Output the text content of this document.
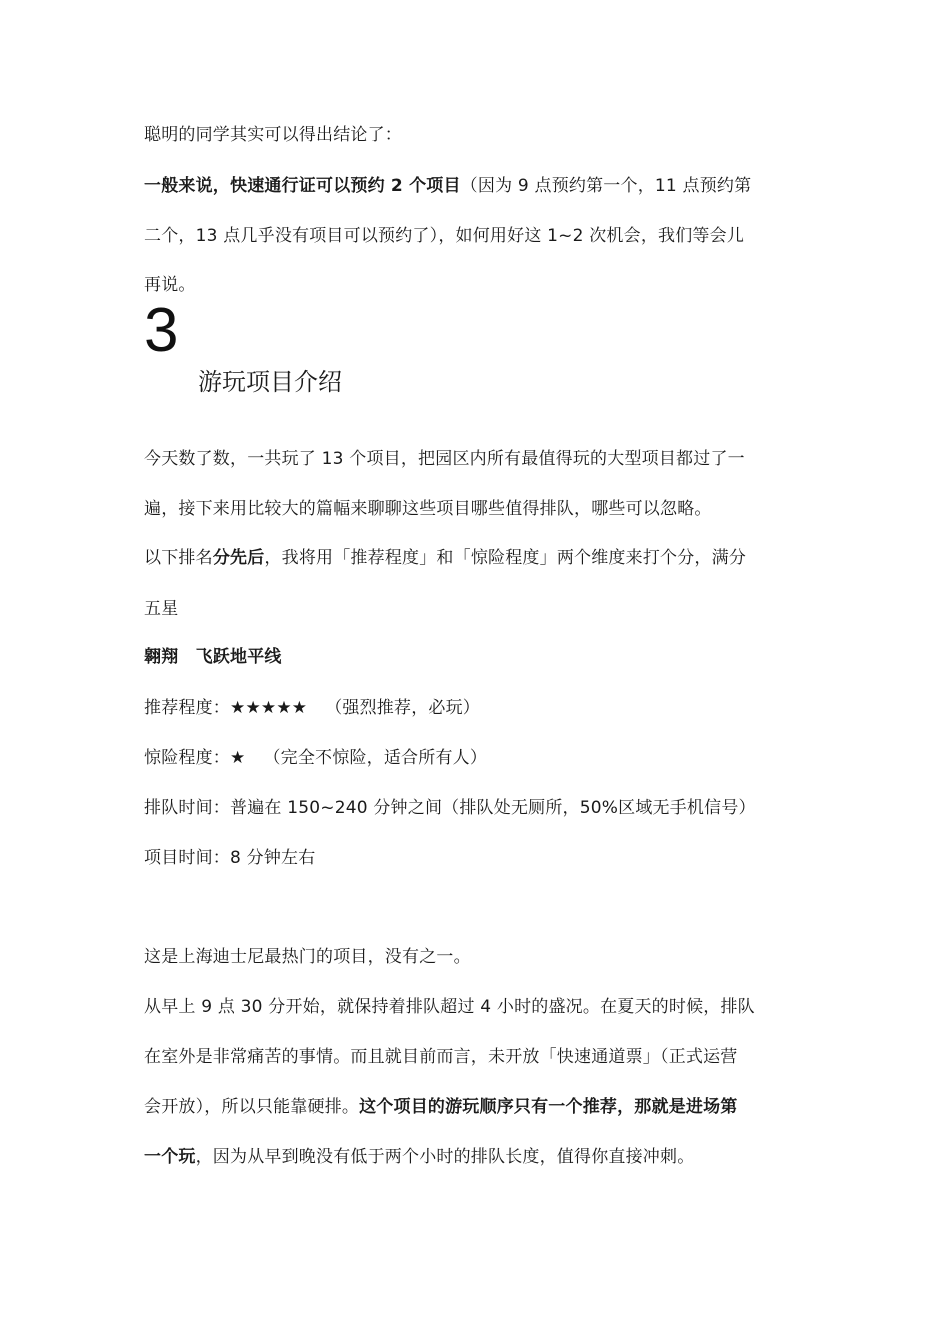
聪明的同学其实可以得出结论了：
一般来说，快速通行证可以预约 2 个项目（因为 9 点预约第一个，11 点预约第
二个，13 点几乎没有项目可以预约了），如何用好这 1~2 次机会，我们等会儿
再说。
3
游玩项目介绍
今天数了数，一共玩了 13 个项目，把园区内所有最值得玩的大型项目都过了一
遍，接下来用比较大的篇幅来聊聊这些项目哪些值得排队，哪些可以忽略。
以下排名分先后，我将用「推荐程度」和「惊险程度」两个维度来打个分，满分
五星
翱翔　飞跃地平线
推荐程度：★★★★★ （强烈推荐，必玩）
惊险程度：★ （完全不惊险，适合所有人）
排队时间：普遍在 150~240 分钟之间（排队处无厕所，50%区域无手机信号）
项目时间：8 分钟左右
这是上海迪士尼最热门的项目，没有之一。
从早上 9 点 30 分开始，就保持着排队超过 4 小时的盛况。在夏天的时候，排队
在室外是非常痛苦的事情。而且就目前而言，未开放「快速通道票」（正式运营
会开放），所以只能靠硬排。这个项目的游玩顺序只有一个推荐，那就是进场第
一个玩，因为从早到晚没有低于两个小时的排队长度，值得你直接冲刺。
